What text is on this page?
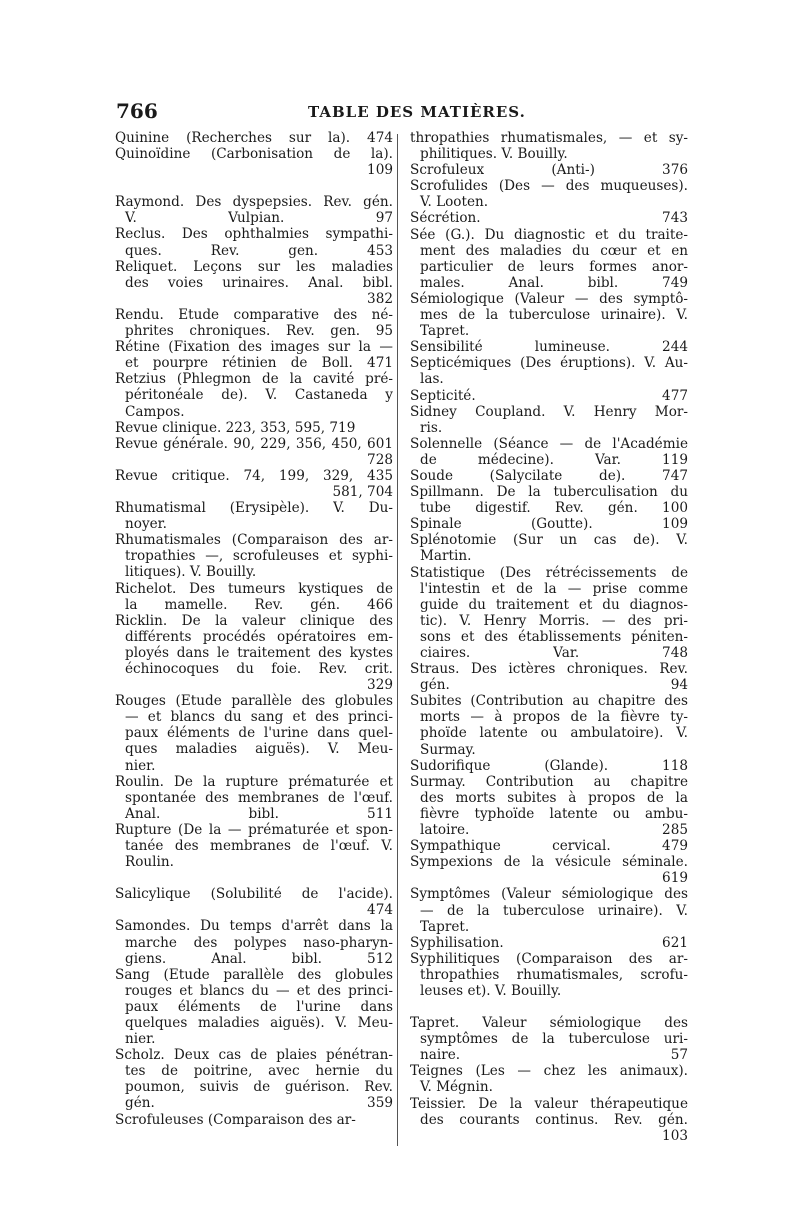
766	TABLE DES MATIÈRES.
Quinine (Recherches sur la). 474
Quinoïdine (Carbonisation de la).
109
Raymond. Des dyspepsies. Rev. gén.
V. Vulpian. 97
Reclus. Des ophthalmies sympathi-
ques. Rev. gen. 453
Reliquet. Leçons sur les maladies
des voies urinaires. Anal. bibl.
382
Rendu. Etude comparative des né-
phrites chroniques. Rev. gen. 95
Rétine (Fixation des images sur la —
et pourpre rétinien de Boll. 471
Retzius (Phlegmon de la cavité pré-
péritonéale de). V. Castaneda y
Campos.
Revue clinique. 223, 353, 595, 719
Revue générale. 90, 229, 356, 450, 601
728
Revue critique. 74, 199, 329, 435
581, 704
Rhumatismal (Erysipèle). V. Du-
noyer.
Rhumatismales (Comparaison des ar-
tropathies —, scrofuleuses et syphi-
litiques). V. Bouilly.
Richelot. Des tumeurs kystiques de
la mamelle. Rev. gén. 466
Ricklin. De la valeur clinique des
différents procédés opératoires em-
ployés dans le traitement des kystes
échinocoques du foie. Rev. crit.
329
Rouges (Etude parallèle des globules
— et blancs du sang et des princi-
paux éléments de l'urine dans quel-
ques maladies aiguës). V. Meu-
nier.
Roulin. De la rupture prématurée et
spontanée des membranes de l'œuf.
Anal. bibl. 511
Rupture (De la — prématurée et spon-
tanée des membranes de l'œuf. V.
Roulin.
Salicylique (Solubilité de l'acide).
474
Samondes. Du temps d'arrêt dans la
marche des polypes naso-pharyn-
giens. Anal. bibl. 512
Sang (Etude parallèle des globules
rouges et blancs du — et des princi-
paux éléments de l'urine dans
quelques maladies aiguës). V. Meu-
nier.
Scholz. Deux cas de plaies pénétran-
tes de poitrine, avec hernie du
poumon, suivis de guérison. Rev.
gén. 359
Scrofuleuses (Comparaison des ar-
thropathies rhumatismales, — et sy-
philitiques. V. Bouilly.
Scrofuleux (Anti-) 376
Scrofulides (Des — des muqueuses).
V. Looten.
Sécrétion. 743
Sée (G.). Du diagnostic et du traite-
ment des maladies du cœur et en
particulier de leurs formes anor-
males. Anal. bibl. 749
Sémiologique (Valeur — des symptô-
mes de la tuberculose urinaire). V.
Tapret.
Sensibilité lumineuse. 244
Septicémiques (Des éruptions). V. Au-
las.
Septicité. 477
Sidney Coupland. V. Henry Mor-
ris.
Solennelle (Séance — de l'Académie
de médecine). Var. 119
Soude (Salycilate de). 747
Spillmann. De la tuberculisation du
tube digestif. Rev. gén. 100
Spinale (Goutte). 109
Splénotomie (Sur un cas de). V.
Martin.
Statistique (Des rétrécissements de
l'intestin et de la — prise comme
guide du traitement et du diagnos-
tic). V. Henry Morris. — des pri-
sons et des établissements péniten-
ciaires. Var. 748
Straus. Des ictères chroniques. Rev.
gén. 94
Subites (Contribution au chapitre des
morts — à propos de la fièvre ty-
phoïde latente ou ambulatoire). V.
Surmay.
Sudorifique (Glande). 118
Surmay. Contribution au chapitre
des morts subites à propos de la
fièvre typhoïde latente ou ambu-
latoire. 285
Sympathique cervical. 479
Sympexions de la vésicule séminale.
619
Symptômes (Valeur sémiologique des
— de la tuberculose urinaire). V.
Tapret.
Syphilisation. 621
Syphilitiques (Comparaison des ar-
thropathies rhumatismales, scrofu-
leuses et). V. Bouilly.
Tapret. Valeur sémiologique des
symptômes de la tuberculose uri-
naire. 57
Teignes (Les — chez les animaux).
V. Mégnin.
Teissier. De la valeur thérapeutique
des courants continus. Rev. gén.
103
